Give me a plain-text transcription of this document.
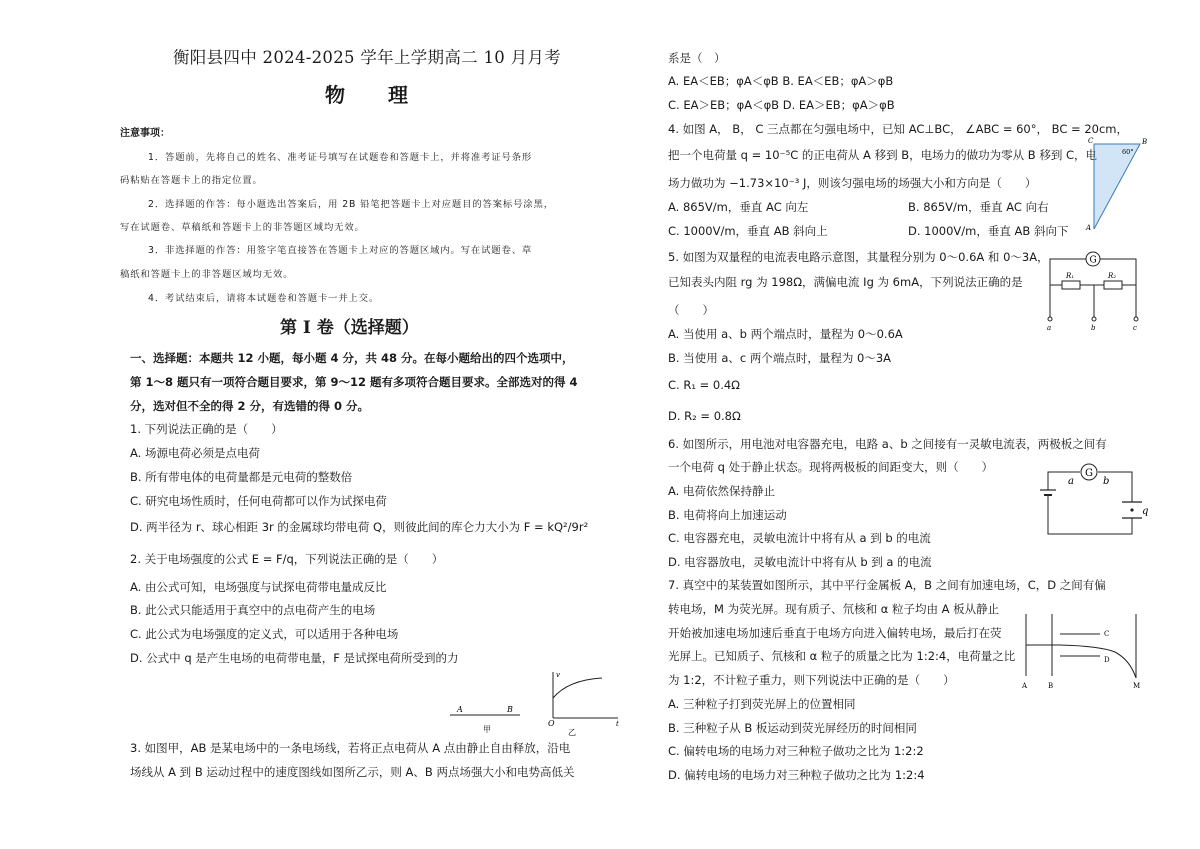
衡阳县四中 2024-2025 学年上学期高二 10 月月考
物 理
注意事项：
1．答题前，先将自己的姓名、准考证号填写在试题卷和答题卡上，并将准考证号条形
码粘贴在答题卡上的指定位置。
2．选择题的作答：每小题选出答案后，用 2B 铅笔把答题卡上对应题目的答案标号涂黑，
写在试题卷、草稿纸和答题卡上的非答题区域均无效。
3．非选择题的作答：用签字笔直接答在答题卡上对应的答题区域内。写在试题卷、草
稿纸和答题卡上的非答题区域均无效。
4．考试结束后，请将本试题卷和答题卡一并上交。
第 I 卷（选择题）
一、选择题：本题共 12 小题，每小题 4 分，共 48 分。在每小题给出的四个选项中，
第 1～8 题只有一项符合题目要求，第 9～12 题有多项符合题目要求。全部选对的得 4
分，选对但不全的得 2 分，有选错的得 0 分。
1. 下列说法正确的是（　　）
A. 场源电荷必须是点电荷
B. 所有带电体的电荷量都是元电荷的整数倍
C. 研究电场性质时，任何电荷都可以作为试探电荷
D. 两半径为 r、球心相距 3r 的金属球均带电荷 Q，则彼此间的库仑力大小为 F = kQ²/9r²
2. 关于电场强度的公式 E = F/q，下列说法正确的是（　　）
A. 由公式可知，电场强度与试探电荷带电量成反比
B. 此公式只能适用于真空中的点电荷产生的电场
C. 此公式为电场强度的定义式，可以适用于各种电场
D. 公式中 q 是产生电场的电荷带电量，F 是试探电荷所受到的力
A	B
甲
O
v
t
乙
3. 如图甲，AB 是某电场中的一条电场线，若将正点电荷从 A 点由静止自由释放，沿电
场线从 A 到 B 运动过程中的速度图线如图所乙示，则 A、B 两点场强大小和电势高低关
系是（　）
A. EA＜EB；φA＜φB B. EA＜EB；φA＞φB
C. EA＞EB；φA＜φB D. EA＞EB；φA＞φB
4. 如图 A， B， C 三点都在匀强电场中，已知 AC⊥BC， ∠ABC = 60°， BC = 20cm，
把一个电荷量 q = 10⁻⁵C 的正电荷从 A 移到 B，电场力的做功为零从 B 移到 C，电
场力做功为 −1.73×10⁻³ J，则该匀强电场的场强大小和方向是（　　）
A. 865V/m，垂直 AC 向左	B. 865V/m，垂直 AC 向右
C. 1000V/m，垂直 AB 斜向上	D. 1000V/m，垂直 AB 斜向下
C	B
A
60°
5. 如图为双量程的电流表电路示意图，其量程分别为 0～0.6A 和 0～3A，
已知表头内阻 rg 为 198Ω，满偏电流 Ig 为 6mA，下列说法正确的是
（　　）
A. 当使用 a、b 两个端点时，量程为 0～0.6A
B. 当使用 a、c 两个端点时，量程为 0～3A
C. R₁ = 0.4Ω
D. R₂ = 0.8Ω
G
R₁	R₂
a	b	c
6. 如图所示，用电池对电容器充电，电路 a、b 之间接有一灵敏电流表，两极板之间有
一个电荷 q 处于静止状态。现将两极板的间距变大，则（　　）
A. 电荷依然保持静止
B. 电荷将向上加速运动
C. 电容器充电，灵敏电流计中将有从 a 到 b 的电流
D. 电容器放电，灵敏电流计中将有从 b 到 a 的电流
G
a	b
q
7. 真空中的某装置如图所示，其中平行金属板 A，B 之间有加速电场，C，D 之间有偏
转电场，M 为荧光屏。现有质子、氘核和 α 粒子均由 A 板从静止
开始被加速电场加速后垂直于电场方向进入偏转电场，最后打在荧
光屏上。已知质子、氘核和 α 粒子的质量之比为 1:2:4，电荷量之比
为 1:2，不计粒子重力，则下列说法中正确的是（　　）
A. 三种粒子打到荧光屏上的位置相同
B. 三种粒子从 B 板运动到荧光屏经历的时间相同
C. 偏转电场的电场力对三种粒子做功之比为 1:2:2
D. 偏转电场的电场力对三种粒子做功之比为 1:2:4
A	B
C
D
M
